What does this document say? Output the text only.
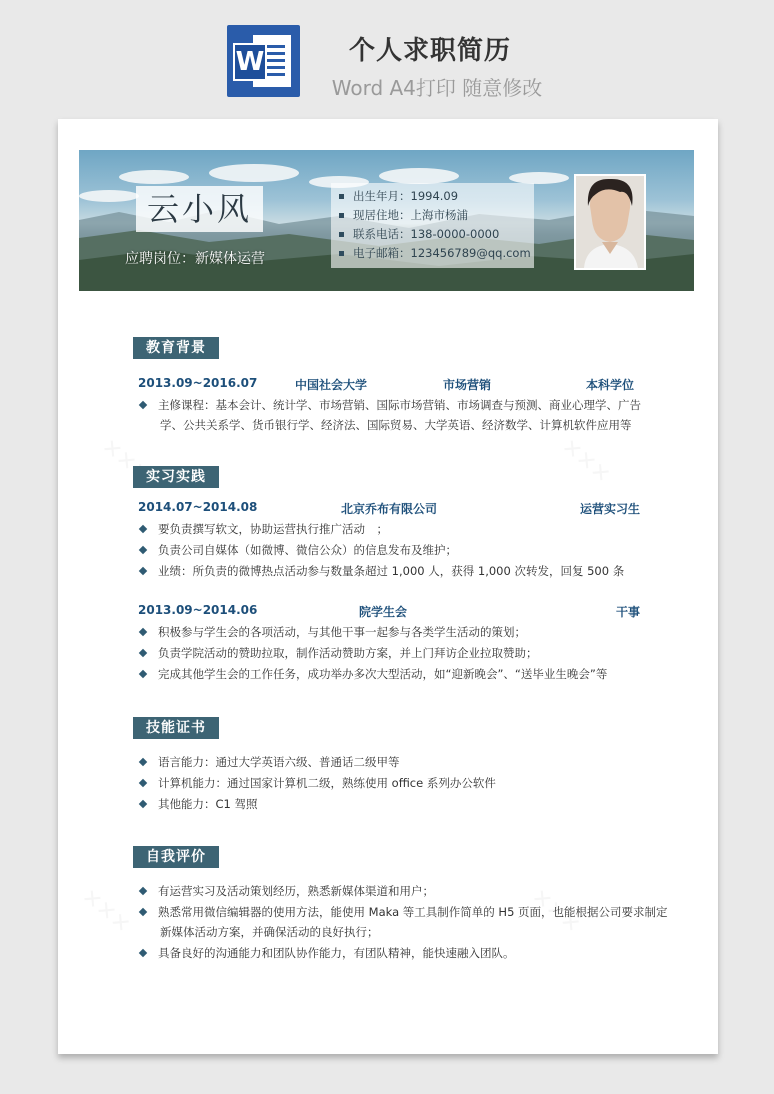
W	个人求职简历
Word A4打印 随意修改
云小风
应聘岗位：新媒体运营
出生年月：1994.09
现居住地：上海市杨浦
联系电话：138-0000-0000
电子邮箱：123456789@qq.com
教育背景
2013.09~2016.07	中国社会大学	市场营销	本科学位
主修课程：基本会计、统计学、市场营销、国际市场营销、市场调查与预测、商业心理学、广告
学、公共关系学、货币银行学、经济法、国际贸易、大学英语、经济数学、计算机软件应用等
实习实践
2014.07~2014.08	北京乔布有限公司	运营实习生
要负责撰写软文，协助运营执行推广活动　；
负责公司自媒体（如微博、微信公众）的信息发布及维护；
业绩：所负责的微博热点活动参与数量条超过 1,000 人，获得 1,000 次转发，回复 500 条
2013.09~2014.06	院学生会	干事
积极参与学生会的各项活动，与其他干事一起参与各类学生活动的策划；
负责学院活动的赞助拉取，制作活动赞助方案，并上门拜访企业拉取赞助；
完成其他学生会的工作任务，成功举办多次大型活动，如“迎新晚会”、“送毕业生晚会”等
技能证书
语言能力：通过大学英语六级、普通话二级甲等
计算机能力：通过国家计算机二级，熟练使用 office 系列办公软件
其他能力：C1 驾照
自我评价
有运营实习及活动策划经历，熟悉新媒体渠道和用户；
熟悉常用微信编辑器的使用方法，能使用 Maka 等工具制作简单的 H5 页面，也能根据公司要求制定
新媒体活动方案，并确保活动的良好执行；
具备良好的沟通能力和团队协作能力，有团队精神，能快速融入团队。
